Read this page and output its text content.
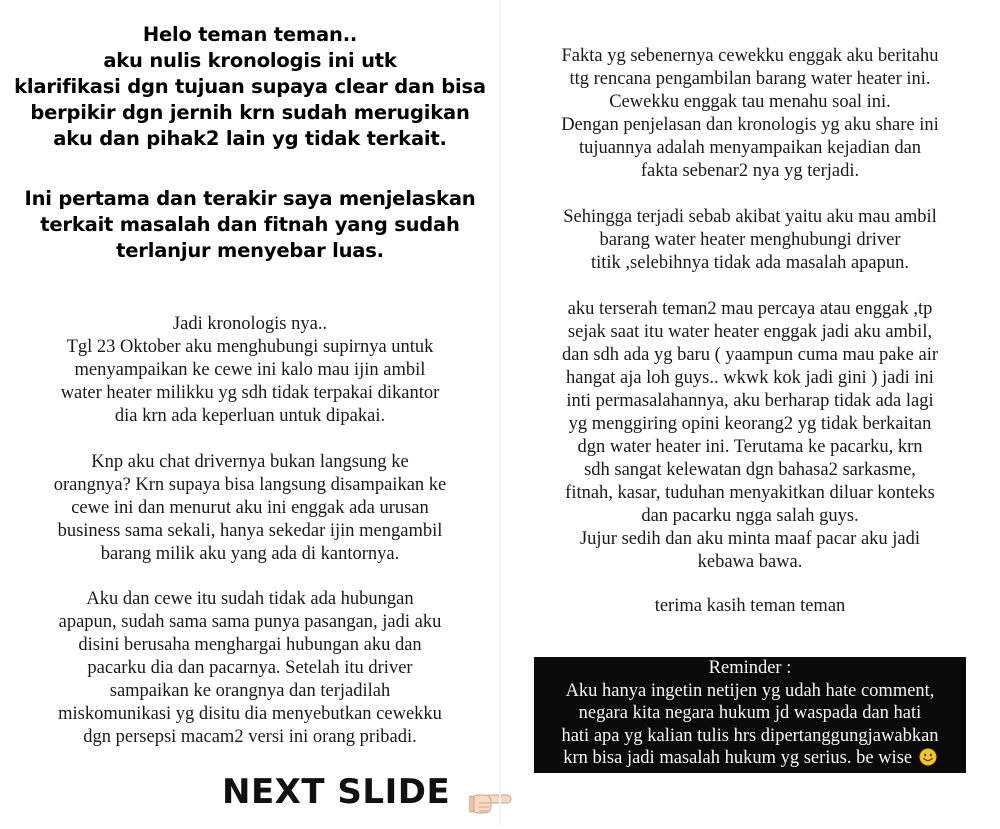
Helo teman teman..
aku nulis kronologis ini utk
klarifikasi dgn tujuan supaya clear dan bisa
berpikir dgn jernih krn sudah merugikan
aku dan pihak2 lain yg tidak terkait.
Ini pertama dan terakir saya menjelaskan
terkait masalah dan fitnah yang sudah
terlanjur menyebar luas.
Jadi kronologis nya..
Tgl 23 Oktober aku menghubungi supirnya untuk
menyampaikan ke cewe ini kalo mau ijin ambil
water heater milikku yg sdh tidak terpakai dikantor
dia krn ada keperluan untuk dipakai.
Knp aku chat drivernya bukan langsung ke
orangnya? Krn supaya bisa langsung disampaikan ke
cewe ini dan menurut aku ini enggak ada urusan
business sama sekali, hanya sekedar ijin mengambil
barang milik aku yang ada di kantornya.
Aku dan cewe itu sudah tidak ada hubungan
apapun, sudah sama sama punya pasangan, jadi aku
disini berusaha menghargai hubungan aku dan
pacarku dia dan pacarnya. Setelah itu driver
sampaikan ke orangnya dan terjadilah
miskomunikasi yg disitu dia menyebutkan cewekku
dgn persepsi macam2 versi ini orang pribadi.
NEXT SLIDE
Fakta yg sebenernya cewekku enggak aku beritahu
ttg rencana pengambilan barang water heater ini.
Cewekku enggak tau menahu soal ini.
Dengan penjelasan dan kronologis yg aku share ini
tujuannya adalah menyampaikan kejadian dan
fakta sebenar2 nya yg terjadi.
Sehingga terjadi sebab akibat yaitu aku mau ambil
barang water heater menghubungi driver
titik ,selebihnya tidak ada masalah apapun.
aku terserah teman2 mau percaya atau enggak ,tp
sejak saat itu water heater enggak jadi aku ambil,
dan sdh ada yg baru ( yaampun cuma mau pake air
hangat aja loh guys.. wkwk kok jadi gini ) jadi ini
inti permasalahannya, aku berharap tidak ada lagi
yg menggiring opini keorang2 yg tidak berkaitan
dgn water heater ini. Terutama ke pacarku, krn
sdh sangat kelewatan dgn bahasa2 sarkasme,
fitnah, kasar, tuduhan menyakitkan diluar konteks
dan pacarku ngga salah guys.
Jujur sedih dan aku minta maaf pacar aku jadi
kebawa bawa.
terima kasih teman teman
Reminder :
Aku hanya ingetin netijen yg udah hate comment,
negara kita negara hukum jd waspada dan hati
hati apa yg kalian tulis hrs dipertanggungjawabkan
krn bisa jadi masalah hukum yg serius. be wise
